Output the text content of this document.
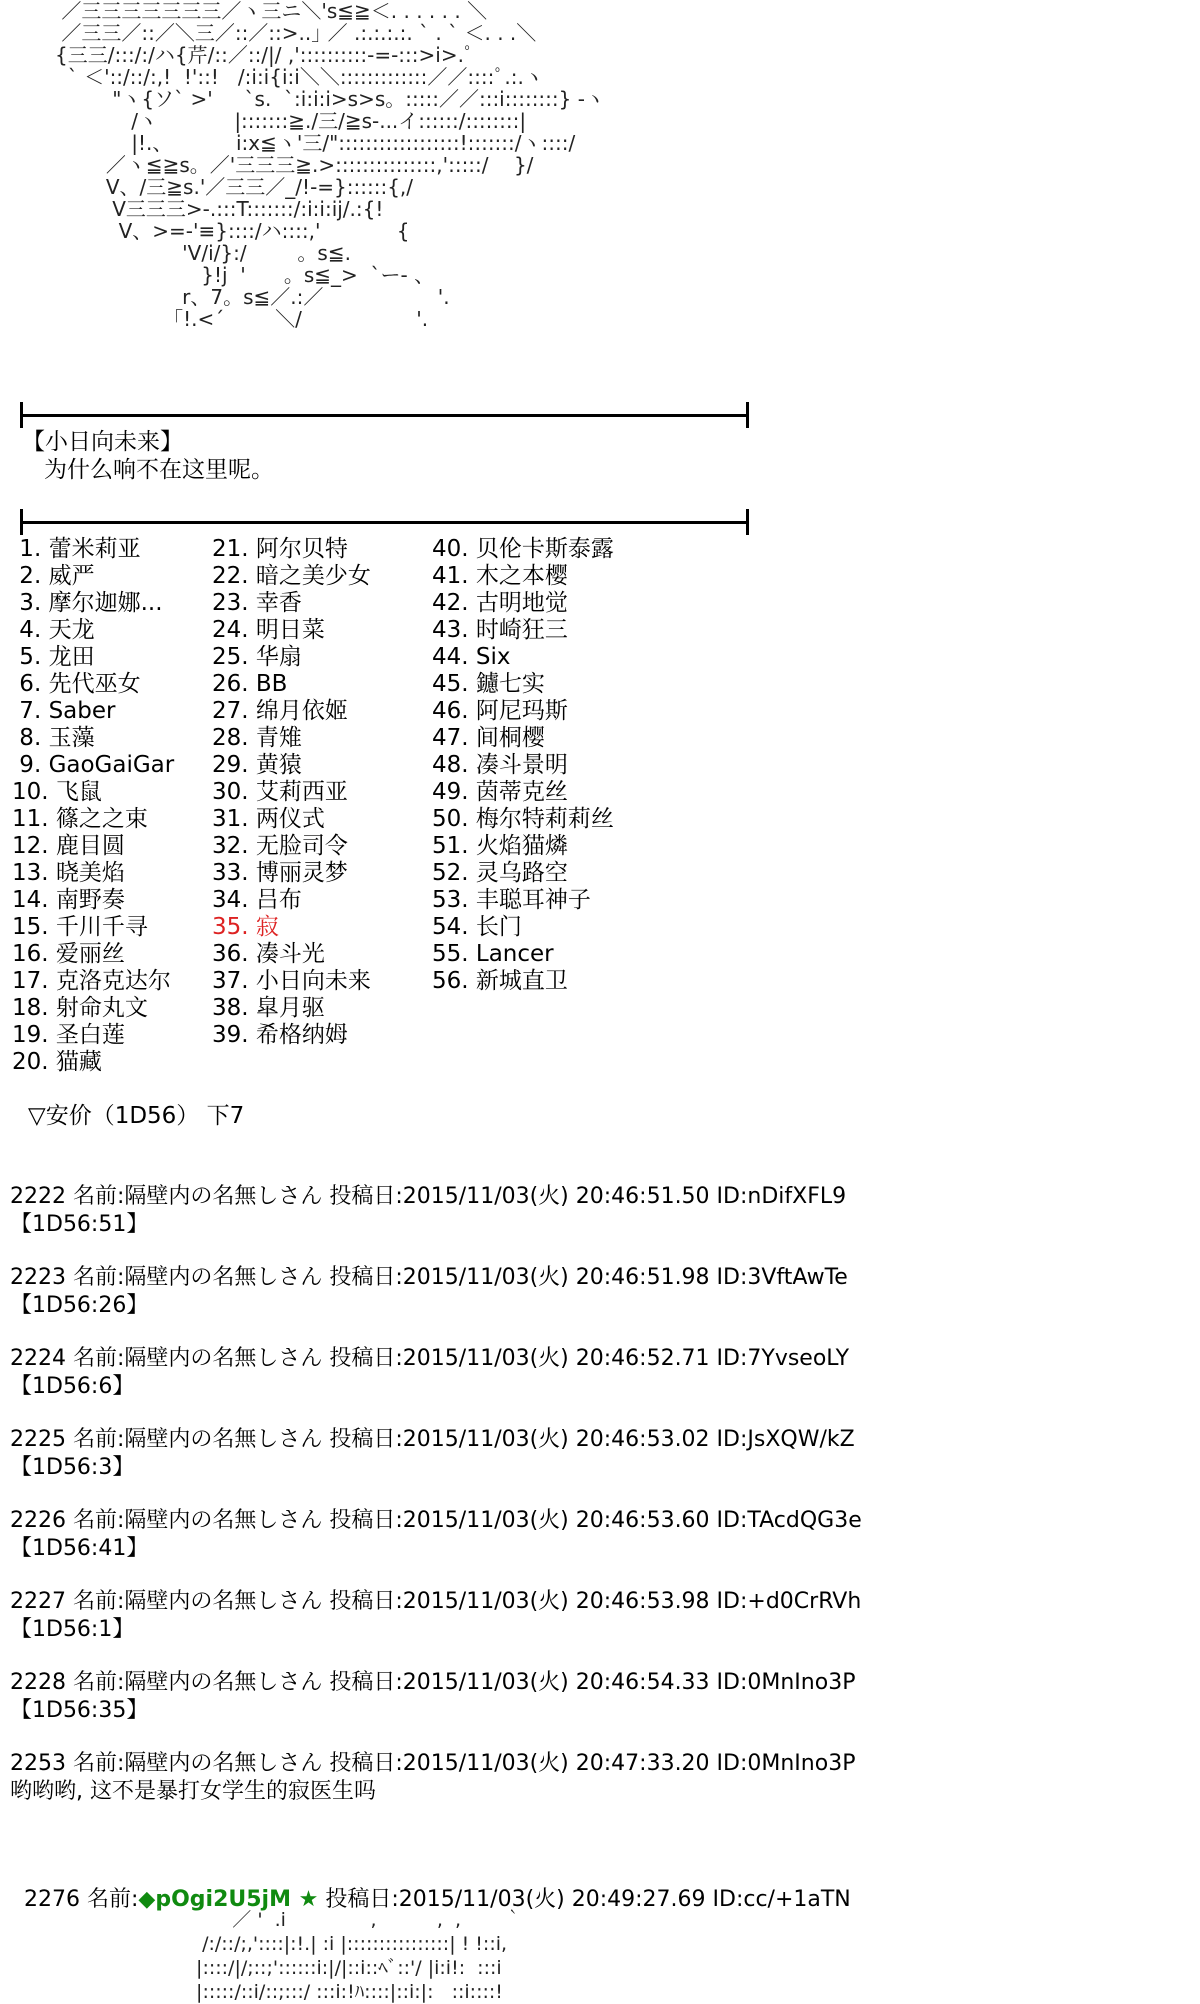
／三三三三三三三／ヽ三ニ＼'s≦≧＜. . . . . . ＼
／三三／::／＼三／::／::>..｣ ／ .:.:.:.:. ` . ` ＜. . .＼
{三三/:::/:/ハ{芹/::／::/|/ ,'::::::::::-=-:::>i>.ﾟ
` ＜'::/::/:,!  !'::!   /:i:i{i:i＼＼:::::::::::::／／::::ﾟ.:.ヽ
"ヽ{ソ` >'     `s.  `:i:i:i>s>s。:::::／／:::i::::::::} -ヽ
/ヽ            |:::::::≧./三/≧s-...イ::::::/::::::::|
|!.、          i:x≦ヽ'三/"::::::::::::::::::!:::::::/ヽ::::/
／ヽ≦≧s。／'三三三≧.>:::::::::::::::,':::::/    }/
V、/三≧s.'／三三／_/!-=}::::::{,/
V三三三>-.:::T:::::::/:i:i:ij/.:{!
V、>=-'≡}::::/ハ::::,'            {
'V/i/}:/        。s≦.
}!j  '      。s≦_>  `ー- 、
r、7。s≦／.:／                  '.
「!.<´        ＼/                  '.
【小日向未来】
为什么响不在这里呢。
1. 蕾米莉亚
2. 威严
3. 摩尔迦娜...
4. 天龙
5. 龙田
6. 先代巫女
7. Saber
8. 玉藻
9. GaoGaiGar
10. 飞鼠
11. 篠之之束
12. 鹿目圆
13. 晓美焰
14. 南野奏
15. 千川千寻
16. 爱丽丝
17. 克洛克达尔
18. 射命丸文
19. 圣白莲
20. 猫藏
21. 阿尔贝特
22. 暗之美少女
23. 幸香
24. 明日菜
25. 华扇
26. BB
27. 绵月依姬
28. 青雉
29. 黄猿
30. 艾莉西亚
31. 两仪式
32. 无脸司令
33. 博丽灵梦
34. 吕布
35. 寂
36. 凑斗光
37. 小日向未来
38. 皐月驱
39. 希格纳姆
40. 贝伦卡斯泰露
41. 木之本樱
42. 古明地觉
43. 时崎狂三
44. Six
45. 鑢七实
46. 阿尼玛斯
47. 间桐樱
48. 凑斗景明
49. 茵蒂克丝
50. 梅尔特莉莉丝
51. 火焰猫燐
52. 灵乌路空
53. 丰聪耳神子
54. 长门
55. Lancer
56. 新城直卫
▽安价（1D56） 下7
2222 名前:隔壁内の名無しさん 投稿日:2015/11/03(火) 20:46:51.50 ID:nDifXFL9
【1D56:51】
2223 名前:隔壁内の名無しさん 投稿日:2015/11/03(火) 20:46:51.98 ID:3VftAwTe
【1D56:26】
2224 名前:隔壁内の名無しさん 投稿日:2015/11/03(火) 20:46:52.71 ID:7YvseoLY
【1D56:6】
2225 名前:隔壁内の名無しさん 投稿日:2015/11/03(火) 20:46:53.02 ID:JsXQW/kZ
【1D56:3】
2226 名前:隔壁内の名無しさん 投稿日:2015/11/03(火) 20:46:53.60 ID:TAcdQG3e
【1D56:41】
2227 名前:隔壁内の名無しさん 投稿日:2015/11/03(火) 20:46:53.98 ID:+d0CrRVh
【1D56:1】
2228 名前:隔壁内の名無しさん 投稿日:2015/11/03(火) 20:46:54.33 ID:0MnIno3P
【1D56:35】
2253 名前:隔壁内の名無しさん 投稿日:2015/11/03(火) 20:47:33.20 ID:0MnIno3P
哟哟哟, 这不是暴打女学生的寂医生吗

2276 名前:◆pOgi2U5jM ★ 投稿日:2015/11/03(火) 20:49:27.69 ID:cc/+1aTN

／ '  .i              ,          ,  ,       ｀
/:/::/;,'::::|:!.| :i |::::::::::::::::| ! !::i,
|::::/|/;::;'::::::i:|/|::i::ﾍﾞ::'/ |i:i!:  :::i
|:::::/::i/::;:::/ :::i:!ﾊ::::|::i:|:   ::i::::!
